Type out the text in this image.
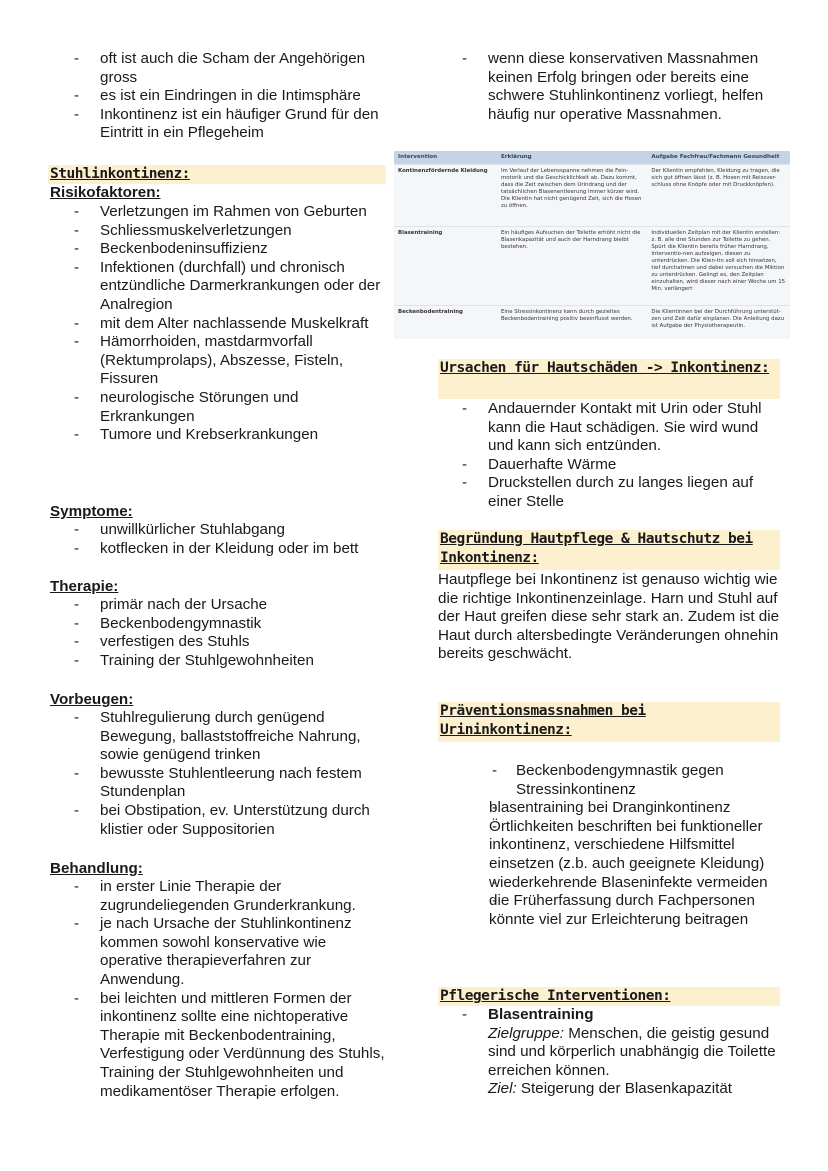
- oft ist auch die Scham der Angehörigen gross
- es ist ein Eindringen in die Intimsphäre
- Inkontinenz ist ein häufiger Grund für den Eintritt in ein Pflegeheim
Stuhlinkontinenz:
Risikofaktoren:
- Verletzungen im Rahmen von Geburten
- Schliessmuskelverletzungen
- Beckenbodeninsuffizienz
- Infektionen (durchfall) und chronisch entzündliche Darmerkrankungen oder der Analregion
- mit dem Alter nachlassende Muskelkraft
- Hämorrhoiden, mastdarmvorfall (Rektumprolaps), Abszesse, Fisteln, Fissuren
- neurologische Störungen und Erkrankungen
- Tumore und Krebserkrankungen
Symptome:
- unwillkürlicher Stuhlabgang
- kotflecken in der Kleidung oder im bett
Therapie:
- primär nach der Ursache
- Beckenbodengymnastik
- verfestigen des Stuhls
- Training der Stuhlgewohnheiten
Vorbeugen:
- Stuhlregulierung durch genügend Bewegung, ballaststoffreiche Nahrung, sowie genügend trinken
- bewusste Stuhlentleerung nach festem Stundenplan
- bei Obstipation, ev. Unterstützung durch klistier oder Suppositorien
Behandlung:
- in erster Linie Therapie der zugrundeliegenden Grunderkrankung.
- je nach Ursache der Stuhlinkontinenz kommen sowohl konservative wie operative therapieverfahren zur Anwendung.
- bei leichten und mittleren Formen der inkontinenz sollte eine nichtoperative Therapie mit Beckenbodentraining, Verfestigung oder Verdünnung des Stuhls, Training der Stuhlgewohnheiten und medikamentöser Therapie erfolgen.
- wenn diese konservativen Massnahmen keinen Erfolg bringen oder bereits eine schwere Stuhlinkontinenz vorliegt, helfen häufig nur operative Massnahmen.
Intervention	Erklärung	Aufgabe Fachfrau/Fachmann Gesundheit
Kontinenzfördernde Kleidung	Im Verlauf der Lebensspanne nehmen die Fein-motorik und die Geschicklichkeit ab. Dazu kommt, dass die Zeit zwischen dem Urindrang und der tatsächlichen Blasenentleerung immer kürzer wird. Die Klientin hat nicht genügend Zeit, sich die Hosen zu öffnen.	Der Klientin empfehlen, Kleidung zu tragen, die sich gut öffnen lässt (z. B. Hosen mit Reissver-schluss ohne Knöpfe oder mit Druckknöpfen).
Blasentraining	Ein häufiges Aufsuchen der Toilette erhöht nicht die Blasenkapazität und auch der Harndrang bleibt bestehen.	Individuellen Zeitplan mit der Klientin erstellen: z. B. alle drei Stunden zur Toilette zu gehen. Spürt die Klientin bereits früher Harndrang, Interventio-nen aufzeigen, diesen zu unterdrücken. Die Klien-tin soll sich hinsetzen, tief durchatmen und dabei versuchen die Miktion zu unterdrücken. Gelingt es, den Zeitplan einzuhalten, wird dieser nach einer Woche um 15 Min. verlängert
Beckenbodentraining	Eine Stressinkontinenz kann durch gezieltes Beckenbodentraining positiv beeinflusst werden.	Die Klientinnen bei der Durchführung unterstüt-zen und Zeit dafür einplanen. Die Anleitung dazu ist Aufgabe der Physiotherapeutin.
Ursachen für Hautschäden -> Inkontinenz:
- Andauernder Kontakt mit Urin oder Stuhl kann die Haut schädigen. Sie wird wund und kann sich entzünden.
- Dauerhafte Wärme
- Druckstellen durch zu langes liegen auf einer Stelle
Begründung Hautpflege & Hautschutz bei Inkontinenz:
Hautpflege bei Inkontinenz ist genauso wichtig wie die richtige Inkontinenzeinlage. Harn und Stuhl auf der Haut greifen diese sehr stark an. Zudem ist die Haut durch altersbedingte Veränderungen ohnehin bereits geschwächt.
Präventionsmassnahmen bei Urininkontinenz:
- Beckenbodengymnastik gegen Stressinkontinenz
- blasentraining bei Dranginkontinenz
- Örtlichkeiten beschriften bei funktioneller inkontinenz, verschiedene Hilfsmittel einsetzen (z.b. auch geeignete Kleidung)
- wiederkehrende Blaseninfekte vermeiden
- die Früherfassung durch Fachpersonen könnte viel zur Erleichterung beitragen
Pflegerische Interventionen:
- Blasentraining
Zielgruppe: Menschen, die geistig gesund sind und körperlich unabhängig die Toilette erreichen können.
Ziel: Steigerung der Blasenkapazität
